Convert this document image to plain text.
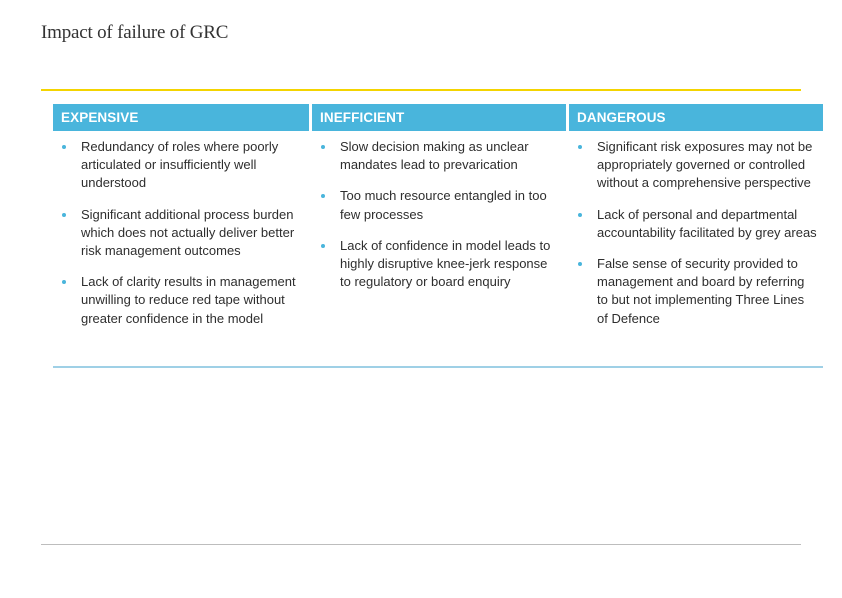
Impact of failure of GRC
EXPENSIVE	INEFFICIENT	DANGEROUS
Redundancy of roles where poorly articulated or insufficiently well understood
Significant additional process burden which does not actually deliver better risk management outcomes
Lack of clarity results in management unwilling to reduce red tape without greater confidence in the model
Slow decision making as unclear mandates lead to prevarication
Too much resource entangled in too few processes
Lack of confidence in model leads to highly disruptive knee-jerk response to regulatory or board enquiry
Significant risk exposures may not be appropriately governed or controlled without a comprehensive perspective
Lack of personal and departmental accountability facilitated by grey areas
False sense of security provided to management and board by referring to but not implementing Three Lines of Defence
